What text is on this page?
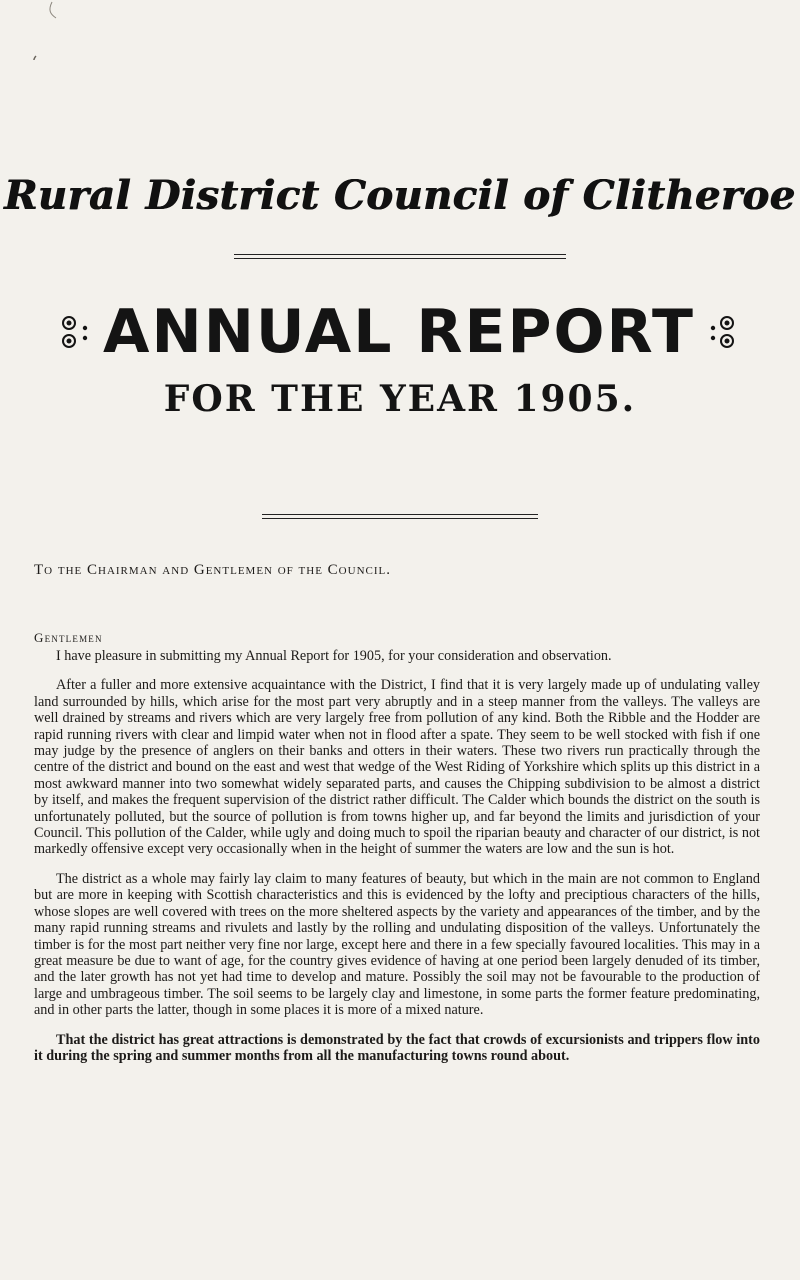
Rural District Council of Clitheroe
ANNUAL REPORT
FOR THE YEAR 1905.
To the Chairman and Gentlemen of the Council.
Gentlemen

I have pleasure in submitting my Annual Report for 1905, for your consideration and observation.

After a fuller and more extensive acquaintance with the District, I find that it is very largely made up of undulating valley land surrounded by hills, which arise for the most part very abruptly and in a steep manner from the valleys. The valleys are well drained by streams and rivers which are very largely free from pollution of any kind. Both the Ribble and the Hodder are rapid running rivers with clear and limpid water when not in flood after a spate. They seem to be well stocked with fish if one may judge by the presence of anglers on their banks and otters in their waters. These two rivers run practically through the centre of the district and bound on the east and west that wedge of the West Riding of Yorkshire which splits up this district in a most awkward manner into two somewhat widely separated parts, and causes the Chipping subdivision to be almost a district by itself, and makes the frequent supervision of the district rather difficult. The Calder which bounds the district on the south is unfortunately polluted, but the source of pollution is from towns higher up, and far beyond the limits and jurisdiction of your Council. This pollution of the Calder, while ugly and doing much to spoil the riparian beauty and character of our district, is not markedly offensive except very occasionally when in the height of summer the waters are low and the sun is hot.

The district as a whole may fairly lay claim to many features of beauty, but which in the main are not common to England but are more in keeping with Scottish characteristics and this is evidenced by the lofty and preciptious characters of the hills, whose slopes are well covered with trees on the more sheltered aspects by the variety and appearances of the timber, and by the many rapid running streams and rivulets and lastly by the rolling and undulating disposition of the valleys. Unfortunately the timber is for the most part neither very fine nor large, except here and there in a few specially favoured localities. This may in a great measure be due to want of age, for the country gives evidence of having at one period been largely denuded of its timber, and the later growth has not yet had time to develop and mature. Possibly the soil may not be favourable to the production of large and umbrageous timber. The soil seems to be largely clay and limestone, in some parts the former feature predominating, and in other parts the latter, though in some places it is more of a mixed nature.

That the district has great attractions is demonstrated by the fact that crowds of excursionists and trippers flow into it during the spring and summer months from all the manufacturing towns round about.
